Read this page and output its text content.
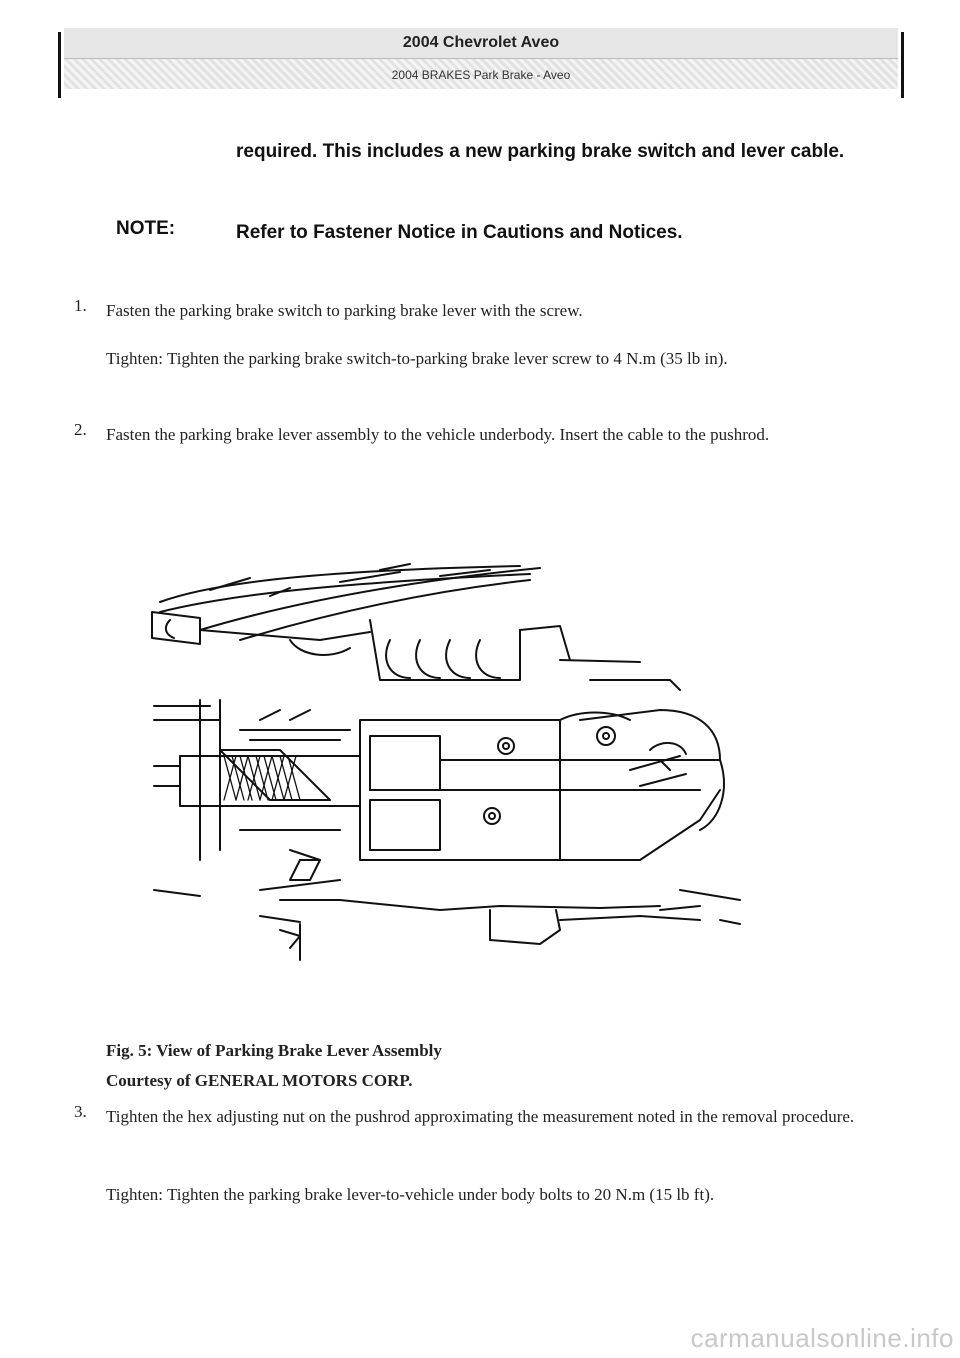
2004 Chevrolet Aveo
2004 BRAKES Park Brake - Aveo
required. This includes a new parking brake switch and lever cable.
NOTE:	Refer to Fastener Notice in Cautions and Notices.
1. Fasten the parking brake switch to parking brake lever with the screw.
Tighten: Tighten the parking brake switch-to-parking brake lever screw to 4 N.m (35 lb in).
2. Fasten the parking brake lever assembly to the vehicle underbody. Insert the cable to the pushrod.
Fig. 5: View of Parking Brake Lever Assembly
Courtesy of GENERAL MOTORS CORP.
3. Tighten the hex adjusting nut on the pushrod approximating the measurement noted in the removal procedure.
Tighten: Tighten the parking brake lever-to-vehicle under body bolts to 20 N.m (15 lb ft).
carmanualsonline.info
